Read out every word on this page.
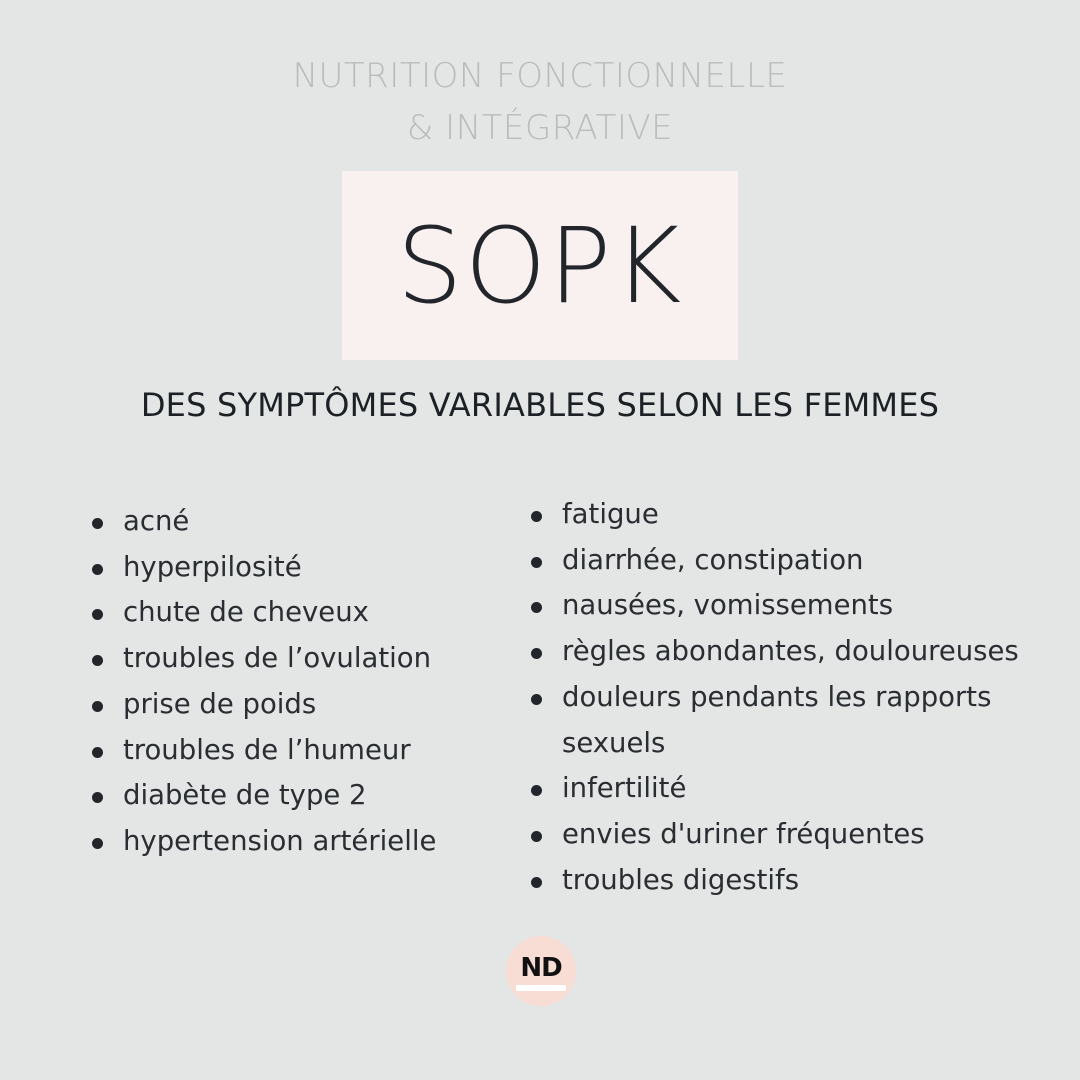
NUTRITION FONCTIONNELLE
& INTÉGRATIVE
SOPK
DES SYMPTÔMES VARIABLES SELON LES FEMMES
acné
hyperpilosité
chute de cheveux
troubles de l’ovulation
prise de poids
troubles de l’humeur
diabète de type 2
hypertension artérielle
fatigue
diarrhée, constipation
nausées, vomissements
règles abondantes, douloureuses
douleurs pendants les rapports sexuels
infertilité
envies d'uriner fréquentes
troubles digestifs
ND
